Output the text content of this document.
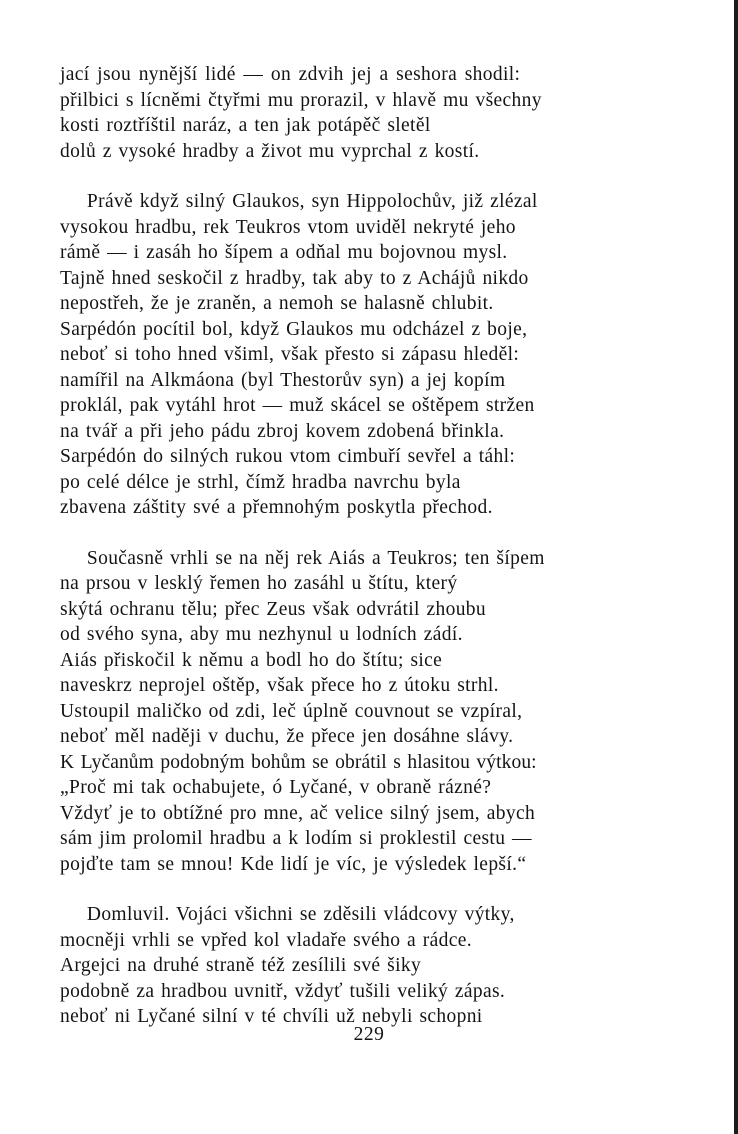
jací jsou nynější lidé — on zdvih jej a seshora shodil:
přilbici s lícněmi čtyřmi mu prorazil, v hlavě mu všechny
kosti roztříštil naráz, a ten jak potápěč sletěl
dolů z vysoké hradby a život mu vyprchal z kostí.
Právě když silný Glaukos, syn Hippolochův, již zlézal
vysokou hradbu, rek Teukros vtom uviděl nekryté jeho
rámě — i zasáh ho šípem a odňal mu bojovnou mysl.
Tajně hned seskočil z hradby, tak aby to z Achájů nikdo
nepostřeh, že je zraněn, a nemoh se halasně chlubit.
Sarpédón pocítil bol, když Glaukos mu odcházel z boje,
neboť si toho hned všiml, však přesto si zápasu hleděl:
namířil na Alkmáona (byl Thestorův syn) a jej kopím
proklál, pak vytáhl hrot — muž skácel se oštěpem stržen
na tvář a při jeho pádu zbroj kovem zdobená břinkla.
Sarpédón do silných rukou vtom cimbuří sevřel a táhl:
po celé délce je strhl, čímž hradba navrchu byla
zbavena záštity své a přemnohým poskytla přechod.
Současně vrhli se na něj rek Aiás a Teukros; ten šípem
na prsou v lesklý řemen ho zasáhl u štítu, který
skýtá ochranu tělu; přec Zeus však odvrátil zhoubu
od svého syna, aby mu nezhynul u lodních zádí.
Aiás přiskočil k němu a bodl ho do štítu; sice
naveskrz neprojel oštěp, však přece ho z útoku strhl.
Ustoupil maličko od zdi, leč úplně couvnout se vzpíral,
neboť měl naději v duchu, že přece jen dosáhne slávy.
K Lyčanům podobným bohům se obrátil s hlasitou výtkou:
„Proč mi tak ochabujete, ó Lyčané, v obraně rázné?
Vždyť je to obtížné pro mne, ač velice silný jsem, abych
sám jim prolomil hradbu a k lodím si proklestil cestu —
pojďte tam se mnou! Kde lidí je víc, je výsledek lepší.“
Domluvil. Vojáci všichni se zděsili vládcovy výtky,
mocněji vrhli se vpřed kol vladaře svého a rádce.
Argejci na druhé straně též zesílili své šiky
podobně za hradbou uvnitř, vždyť tušili veliký zápas.
neboť ni Lyčané silní v té chvíli už nebyli schopni
229
